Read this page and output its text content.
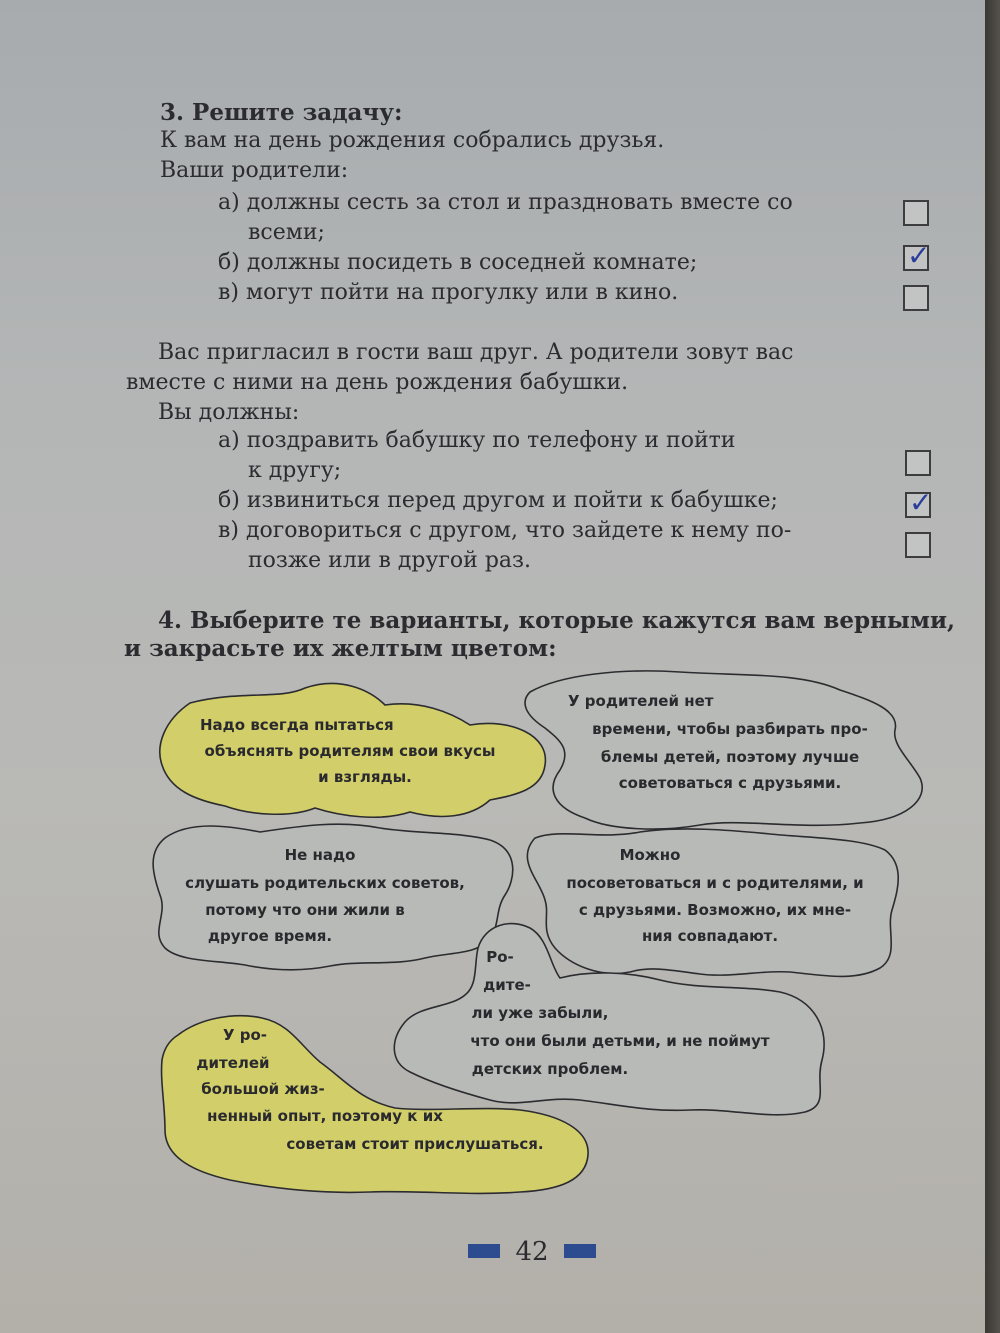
3. Решите задачу:
К вам на день рождения собрались друзья.
Ваши родители:
а) должны сесть за стол и праздновать вместе со
всеми;
б) должны посидеть в соседней комнате;
в) могут пойти на прогулку или в кино.
✓
Вас пригласил в гости ваш друг. А родители зовут вас
вместе с ними на день рождения бабушки.
Вы должны:
а) поздравить бабушку по телефону и пойти
к другу;
б) извиниться перед другом и пойти к бабушке;
в) договориться с другом, что зайдете к нему по-
позже или в другой раз.
✓
4. Выберите те варианты, которые кажутся вам верными,
и закрасьте их желтым цветом:
Надо всегда пытаться
объяснять родителям свои вкусы
и взгляды.
У родителей нет
времени, чтобы разбирать про-
блемы детей, поэтому лучше
советоваться с друзьями.
Не надо
слушать родительских советов,
потому что они жили в
другое время.
Можно
посоветоваться и с родителями, и
с друзьями. Возможно, их мне-
ния совпадают.
Ро-
дите-
ли уже забыли,
что они были детьми, и не поймут
детских проблем.
У ро-
дителей
большой жиз-
ненный опыт, поэтому к их
советам стоит прислушаться.
42
